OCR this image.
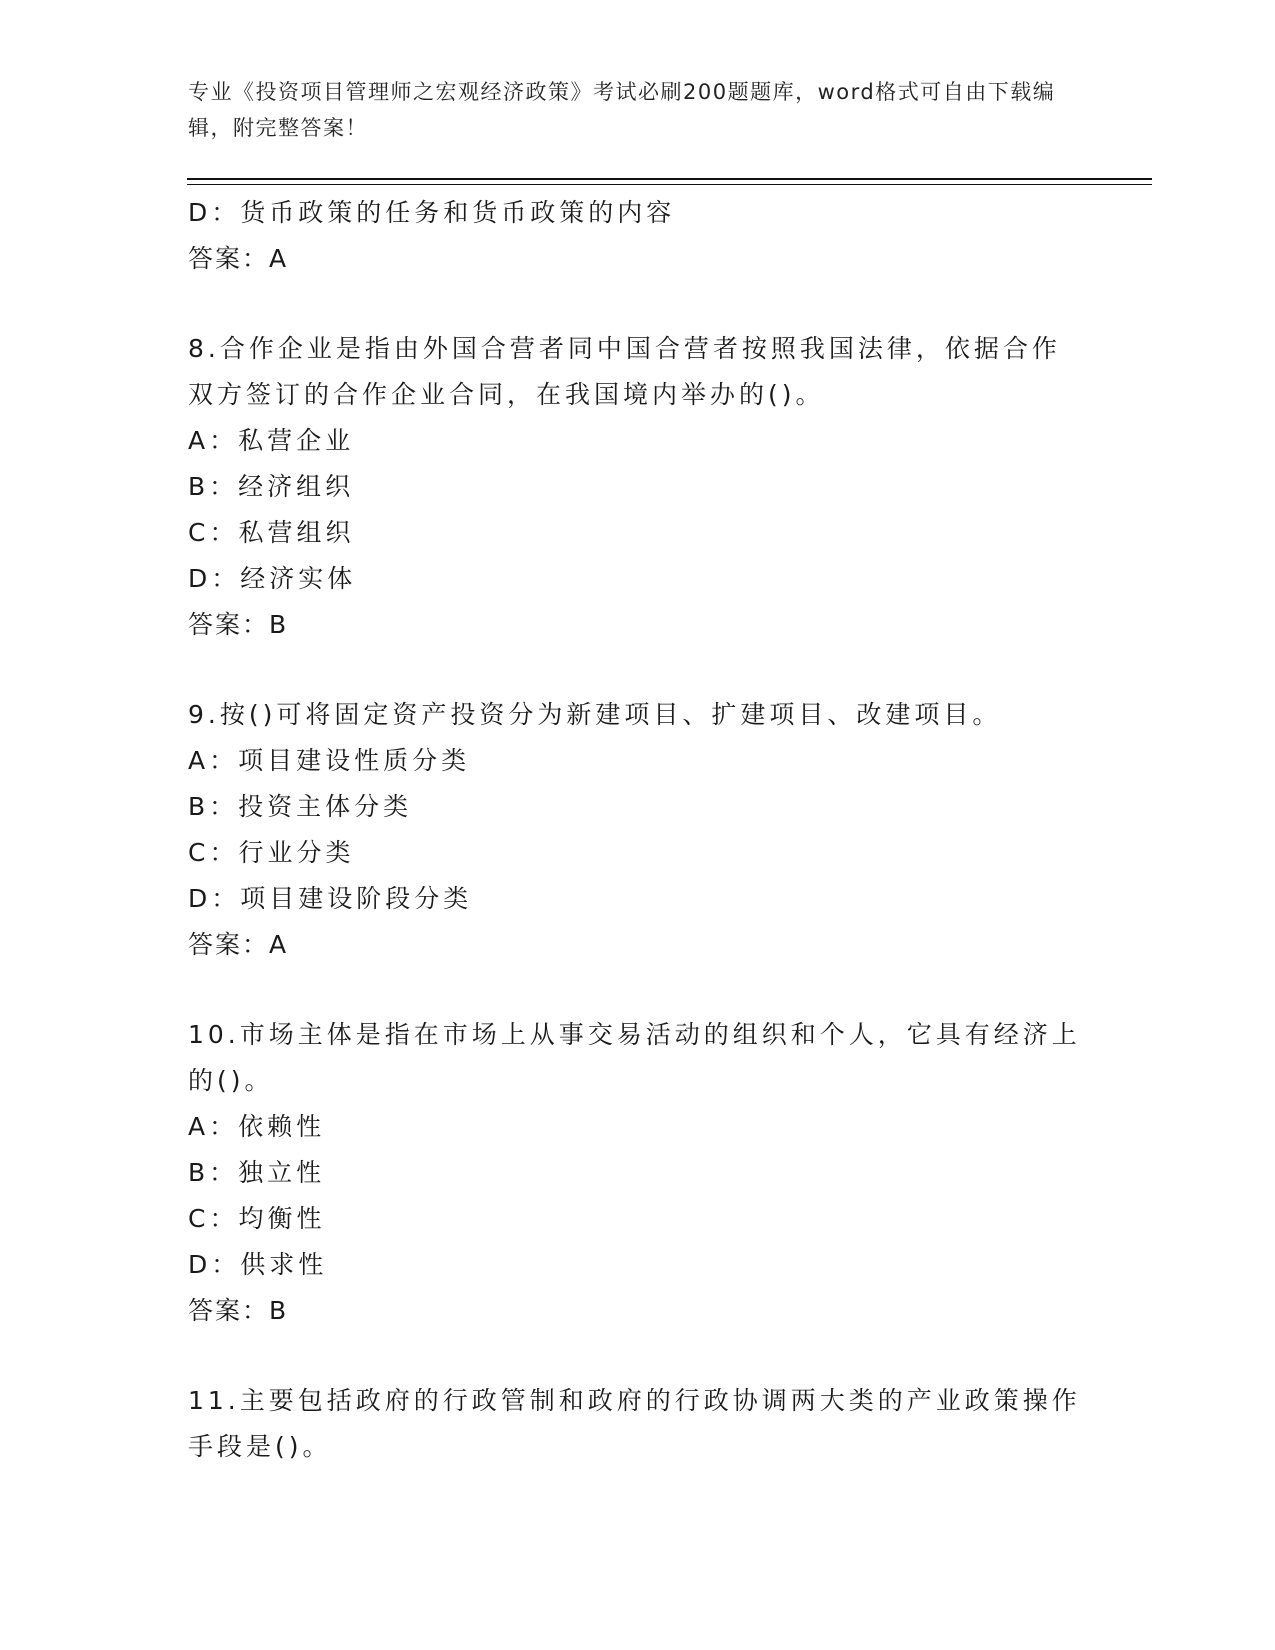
专业《投资项目管理师之宏观经济政策》考试必刷200题题库，word格式可自由下载编辑，附完整答案！
D：货币政策的任务和货币政策的内容
答案：A
8.合作企业是指由外国合营者同中国合营者按照我国法律，依据合作双方签订的合作企业合同，在我国境内举办的()。
A：私营企业
B：经济组织
C：私营组织
D：经济实体
答案：B
9.按()可将固定资产投资分为新建项目、扩建项目、改建项目。
A：项目建设性质分类
B：投资主体分类
C：行业分类
D：项目建设阶段分类
答案：A
10.市场主体是指在市场上从事交易活动的组织和个人，它具有经济上的()。
A：依赖性
B：独立性
C：均衡性
D：供求性
答案：B
11.主要包括政府的行政管制和政府的行政协调两大类的产业政策操作手段是()。
